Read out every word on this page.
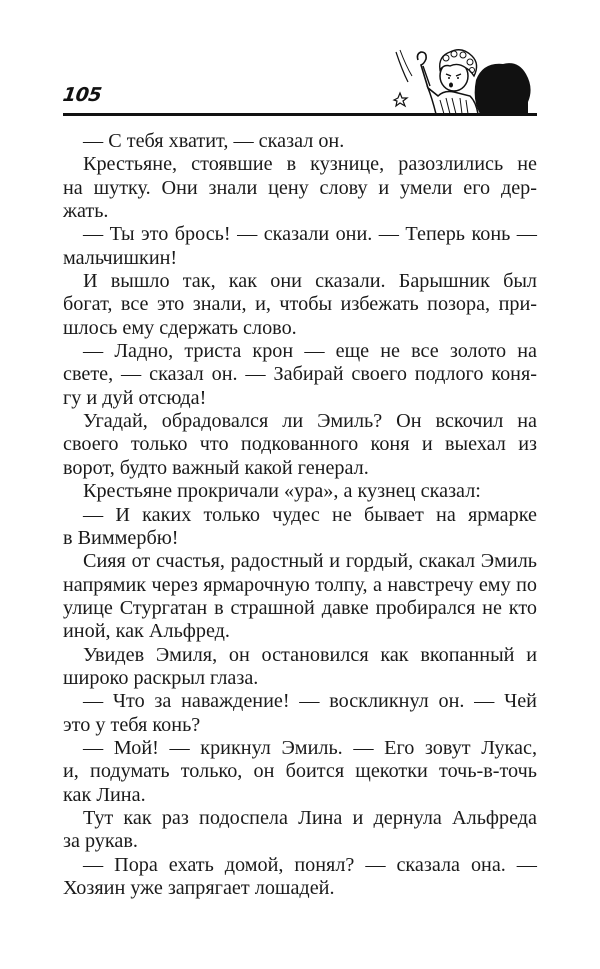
105
— С тебя хватит, — сказал он.
Крестьяне, стоявшие в кузнице, разозлились не
на шутку. Они знали цену слову и умели его дер-
жать.
— Ты это брось! — сказали они. — Теперь конь —
мальчишкин!
И вышло так, как они сказали. Барышник был
богат, все это знали, и, чтобы избежать позора, при-
шлось ему сдержать слово.
— Ладно, триста крон — еще не все золото на
свете, — сказал он. — Забирай своего подлого коня-
гу и дуй отсюда!
Угадай, обрадовался ли Эмиль? Он вскочил на
своего только что подкованного коня и выехал из
ворот, будто важный какой генерал.
Крестьяне прокричали «ура», а кузнец сказал:
— И каких только чудес не бывает на ярмарке
в Виммербю!
Сияя от счастья, радостный и гордый, скакал Эмиль
напрямик через ярмарочную толпу, а навстречу ему по
улице Стургатан в страшной давке пробирался не кто
иной, как Альфред.
Увидев Эмиля, он остановился как вкопанный и
широко раскрыл глаза.
— Что за наваждение! — воскликнул он. — Чей
это у тебя конь?
— Мой! — крикнул Эмиль. — Его зовут Лукас,
и, подумать только, он боится щекотки точь-в-точь
как Лина.
Тут как раз подоспела Лина и дернула Альфреда
за рукав.
— Пора ехать домой, понял? — сказала она. —
Хозяин уже запрягает лошадей.
